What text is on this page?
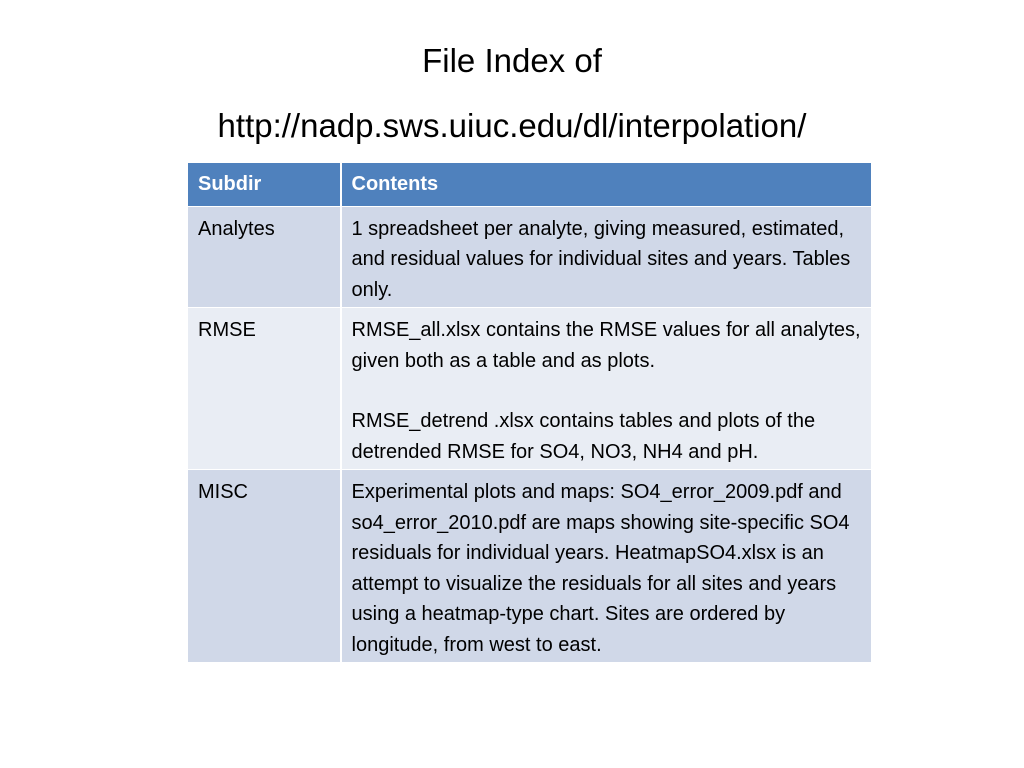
File Index of
http://nadp.sws.uiuc.edu/dl/interpolation/
Subdir	Contents
Analytes	1 spreadsheet per analyte, giving measured, estimated, and residual values for individual sites and years. Tables only.

RMSE	RMSE_all.xlsx contains the RMSE values for all analytes, given both as a table and as plots.

RMSE_detrend .xlsx contains tables and plots of the detrended RMSE for SO4, NO3, NH4 and pH.

MISC	Experimental plots and maps: SO4_error_2009.pdf and so4_error_2010.pdf are maps showing site-specific SO4 residuals for individual years. HeatmapSO4.xlsx is an attempt to visualize the residuals for all sites and years using a heatmap-type chart. Sites are ordered by longitude, from west to east.
